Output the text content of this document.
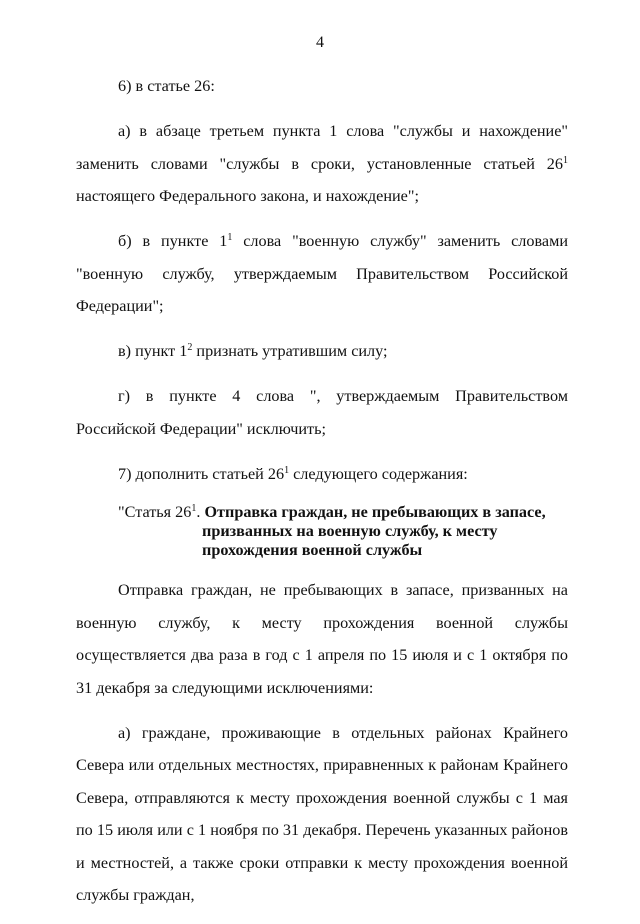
4

6) в статье 26:

а) в абзаце третьем пункта 1 слова "службы и нахождение" заменить словами "службы в сроки, установленные статьей $26^1$ настоящего Федерального закона, и нахождение";

б) в пункте $1^1$ слова "военную службу" заменить словами "военную службу, утверждаемым Правительством Российской Федерации";

в) пункт $1^2$ признать утратившим силу;

г) в пункте 4 слова ", утверждаемым Правительством Российской Федерации" исключить;

7) дополнить статьей $26^1$ следующего содержания:

"Статья $26^1$. Отправка граждан, не пребывающих в запасе,
призванных на военную службу, к месту
прохождения военной службы

Отправка граждан, не пребывающих в запасе, призванных на военную службу, к месту прохождения военной службы осуществляется два раза в год с 1 апреля по 15 июля и с 1 октября по 31 декабря за следующими исключениями:

а) граждане, проживающие в отдельных районах Крайнего Севера или отдельных местностях, приравненных к районам Крайнего Севера, отправляются к месту прохождения военной службы с 1 мая по 15 июля или с 1 ноября по 31 декабря. Перечень указанных районов и местностей, а также сроки отправки к месту прохождения военной службы граждан,
